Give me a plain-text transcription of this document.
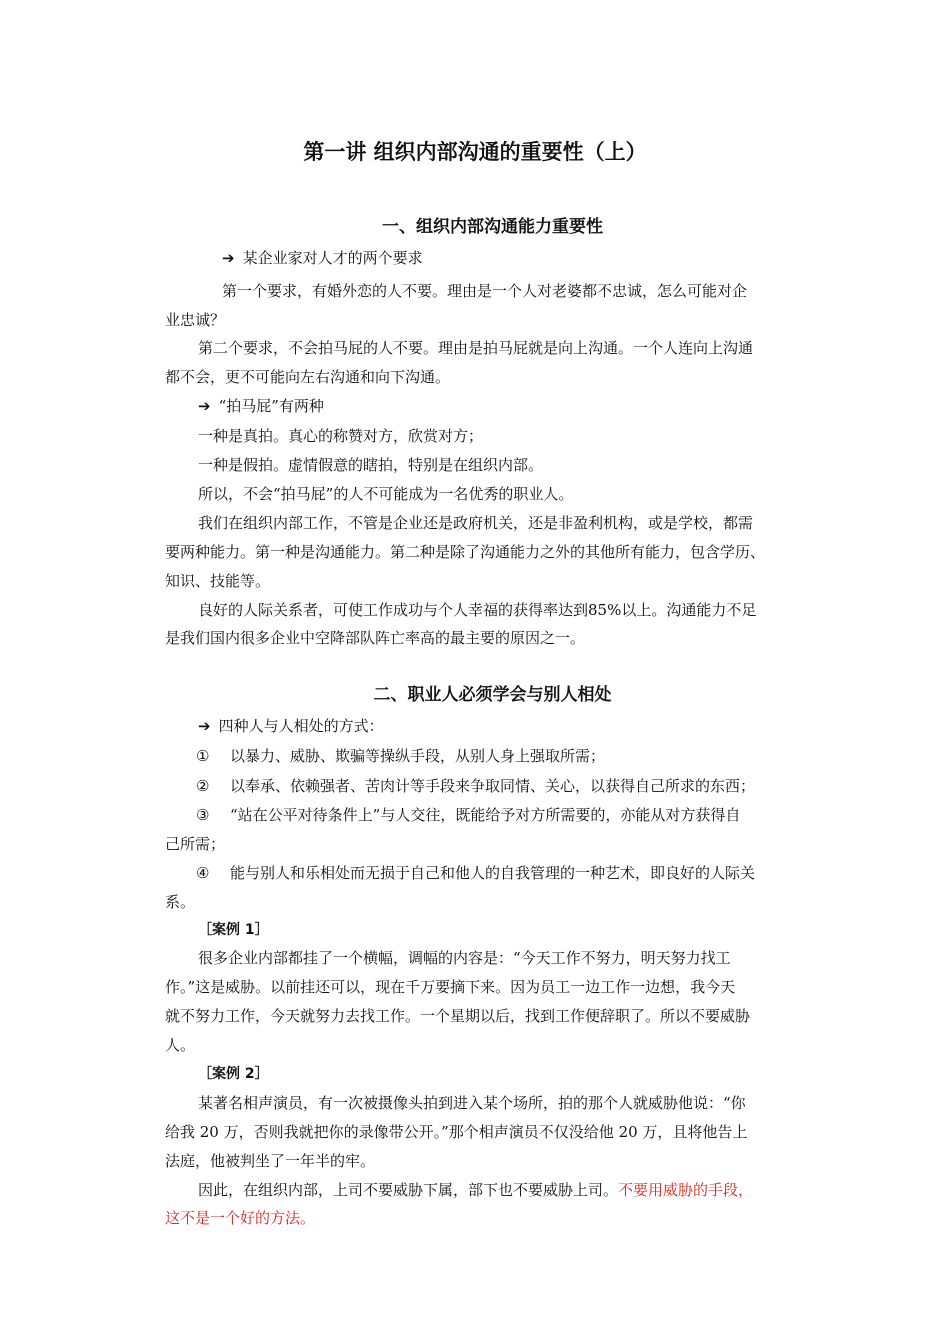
第一讲 组织内部沟通的重要性（上）
一、组织内部沟通能力重要性
➔ 某企业家对人才的两个要求
第一个要求，有婚外恋的人不要。理由是一个人对老婆都不忠诚，怎么可能对企
业忠诚？
第二个要求，不会拍马屁的人不要。理由是拍马屁就是向上沟通。一个人连向上沟通
都不会，更不可能向左右沟通和向下沟通。
➔ “拍马屁”有两种
一种是真拍。真心的称赞对方，欣赏对方；
一种是假拍。虚情假意的瞎拍，特别是在组织内部。
所以，不会“拍马屁”的人不可能成为一名优秀的职业人。
我们在组织内部工作，不管是企业还是政府机关，还是非盈利机构，或是学校，都需
要两种能力。第一种是沟通能力。第二种是除了沟通能力之外的其他所有能力，包含学历、
知识、技能等。
良好的人际关系者，可使工作成功与个人幸福的获得率达到85%以上。沟通能力不足
是我们国内很多企业中空降部队阵亡率高的最主要的原因之一。
二、职业人必须学会与别人相处
➔ 四种人与人相处的方式：
① 以暴力、威胁、欺骗等操纵手段，从别人身上强取所需；
② 以奉承、依赖强者、苦肉计等手段来争取同情、关心，以获得自己所求的东西；
③ “站在公平对待条件上”与人交往，既能给予对方所需要的，亦能从对方获得自
己所需；
④ 能与别人和乐相处而无损于自己和他人的自我管理的一种艺术，即良好的人际关
系。
［案例 1］
很多企业内部都挂了一个横幅，调幅的内容是：“今天工作不努力，明天努力找工
作。”这是威胁。以前挂还可以，现在千万要摘下来。因为员工一边工作一边想，我今天
就不努力工作，今天就努力去找工作。一个星期以后，找到工作便辞职了。所以不要威胁
人。
［案例 2］
某著名相声演员，有一次被摄像头拍到进入某个场所，拍的那个人就威胁他说：“你
给我 20 万，否则我就把你的录像带公开。”那个相声演员不仅没给他 20 万，且将他告上
法庭，他被判坐了一年半的牢。
因此，在组织内部，上司不要威胁下属，部下也不要威胁上司。不要用威胁的手段，
这不是一个好的方法。
